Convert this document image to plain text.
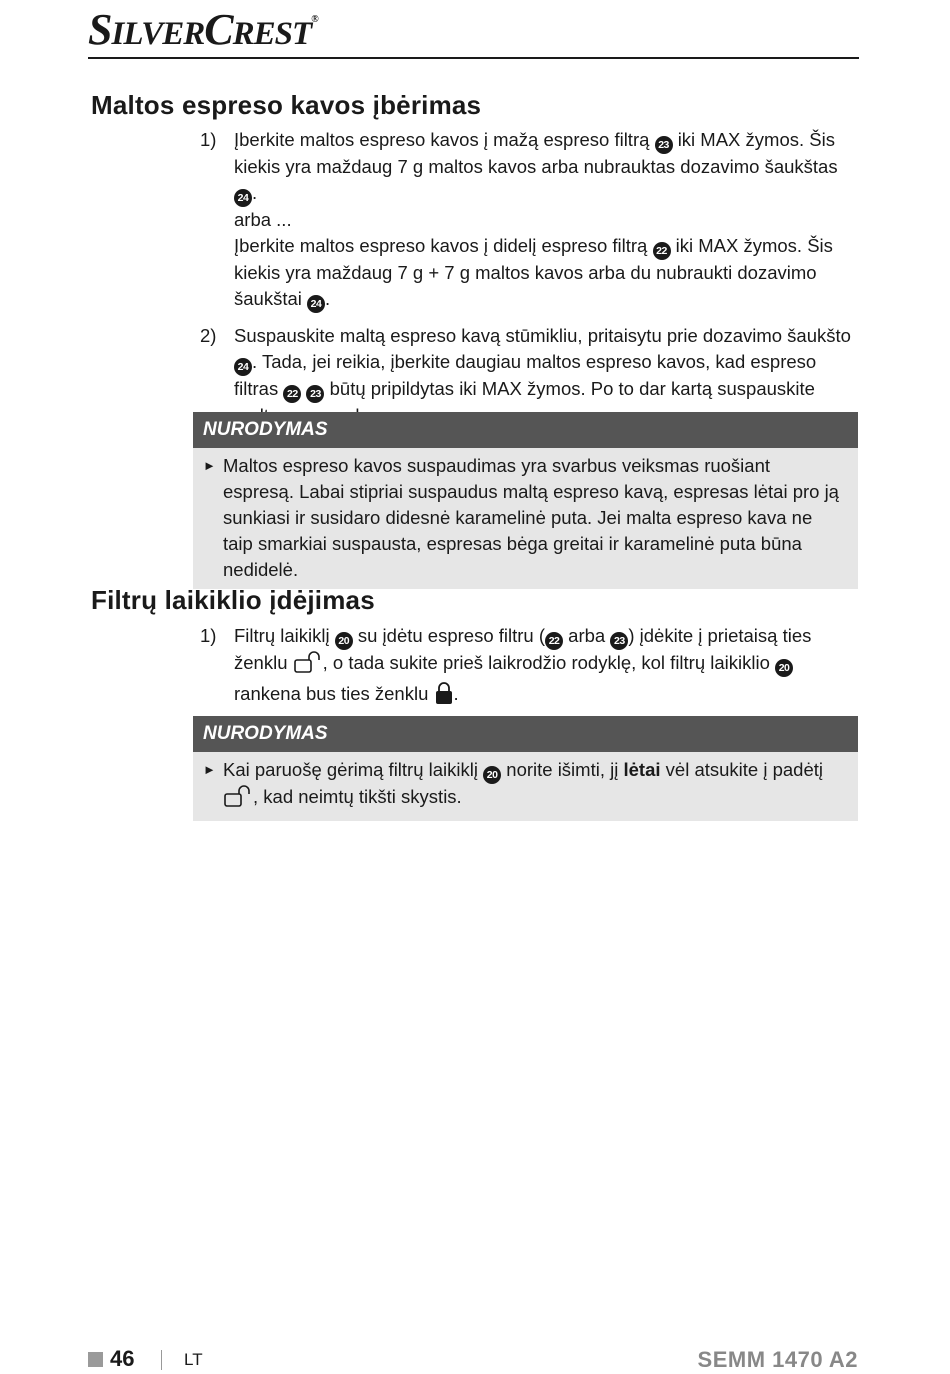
SILVERCREST®
Maltos espreso kavos įbėrimas
1) Įberkite maltos espreso kavos į mažą espreso filtrą 23 iki MAX žymos. Šis kiekis yra maždaug 7 g maltos kavos arba nubrauktas dozavimo šaukštas 24 .
arba ...
Įberkite maltos espreso kavos į didelį espreso filtrą 22 iki MAX žymos. Šis kiekis yra maždaug 7 g + 7 g maltos kavos arba du nubraukti dozavimo šaukštai 24 .
2) Suspauskite maltą espreso kavą stūmikliu, pritaisytu prie dozavimo šaukšto 24 . Tada, jei reikia, įberkite daugiau maltos espreso kavos, kad espreso filtras 22 23 būtų pripildytas iki MAX žymos. Po to dar kartą suspauskite
NURODYMAS
► Maltos espreso kavos suspaudimas yra svarbus veiksmas ruošiant espresą. Labai stipriai suspaudus maltą espreso kavą, espresas lėtai pro ją sunkiasi ir susidaro didesnė karamelinė puta. Jei malta espreso kava ne taip smarkiai suspausta, espresas bėga greitai ir karamelinė puta būna nedidelė.
Filtrų laikiklio įdėjimas
1) Filtrų laikiklį 20 su įdėtu espreso filtru ( 22 arba 23 ) įdėkite į prietaisą ties ženklu , o tada sukite prieš laikrodžio rodyklę, kol filtrų laikiklio 20 rankena bus ties ženklu .
NURODYMAS
► Kai paruošę gėrimą filtrų laikiklį 20 norite išimti, jį lėtai vėl atsukite į padėtį
, kad neimtų tikšti skystis.
46	LT	SEMM 1470 A2
